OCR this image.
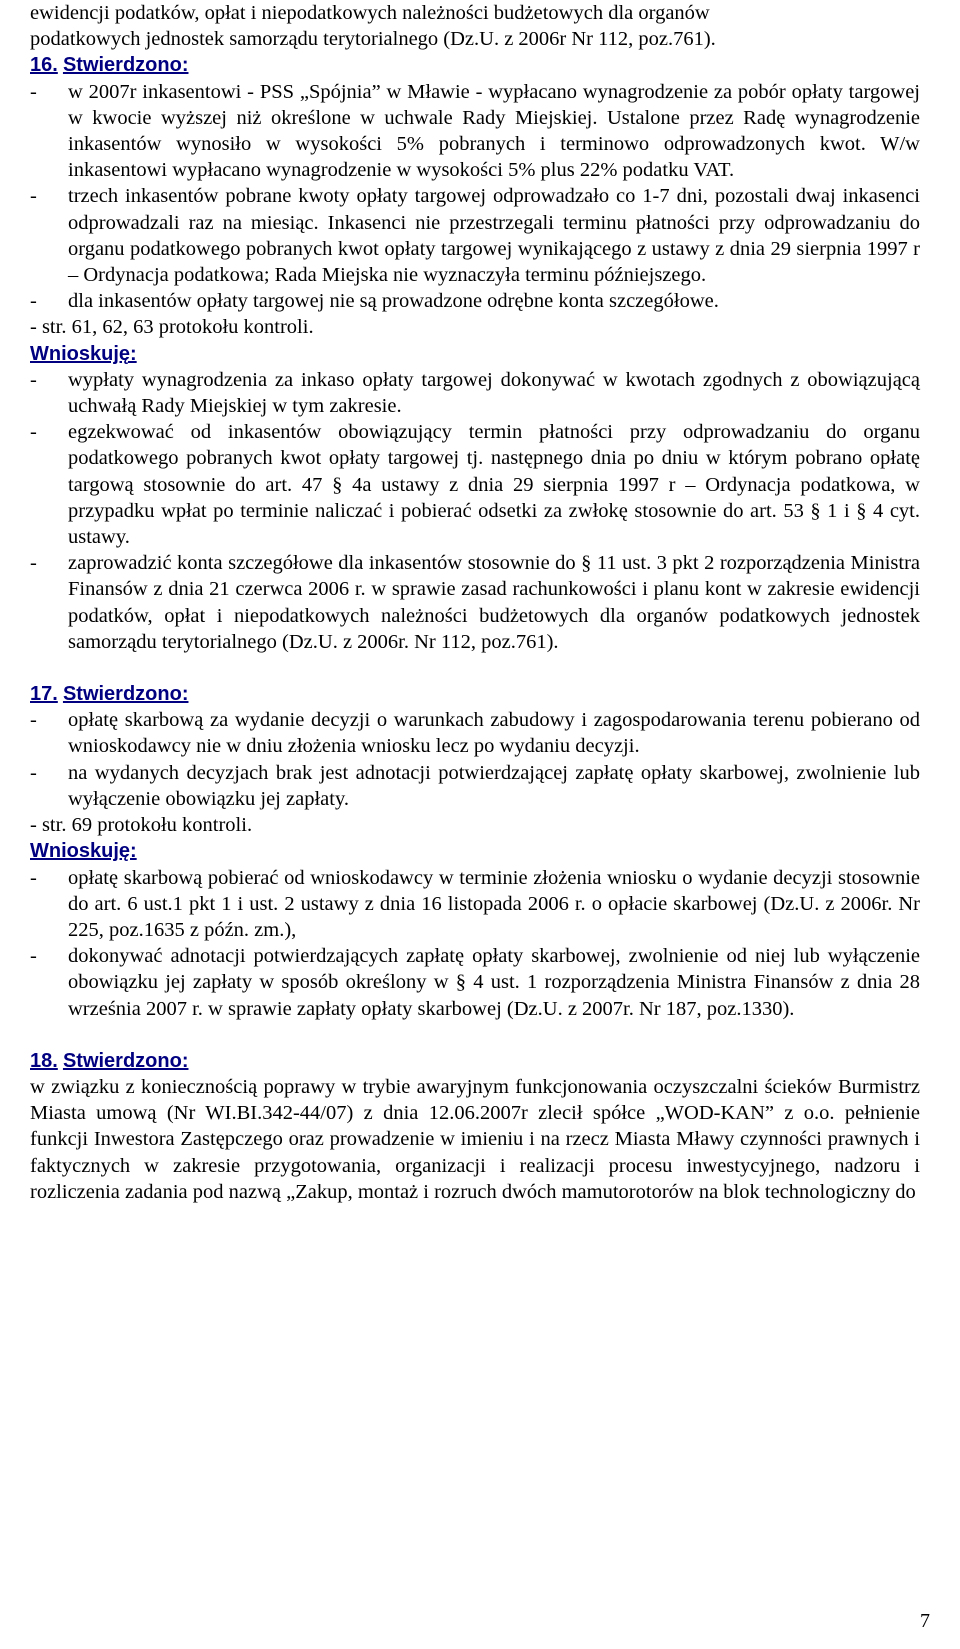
ewidencji podatków, opłat i niepodatkowych należności budżetowych dla organów

podatkowych jednostek samorządu terytorialnego (Dz.U. z 2006r Nr 112, poz.761).

16. Stwierdzono:

-	w 2007r inkasentowi - PSS „Spójnia” w Mławie - wypłacano wynagrodzenie za pobór opłaty targowej w kwocie wyższej niż określone w uchwale Rady Miejskiej. Ustalone przez Radę wynagrodzenie inkasentów wynosiło w wysokości 5% pobranych i terminowo odprowadzonych kwot. W/w inkasentowi wypłacano wynagrodzenie w wysokości 5% plus 22% podatku VAT.
-	trzech inkasentów pobrane kwoty opłaty targowej odprowadzało co 1-7 dni, pozostali dwaj inkasenci odprowadzali raz na miesiąc. Inkasenci nie przestrzegali terminu płatności przy odprowadzaniu do organu podatkowego pobranych kwot opłaty targowej wynikającego z ustawy z dnia 29 sierpnia 1997 r – Ordynacja podatkowa; Rada Miejska nie wyznaczyła terminu późniejszego.
-	dla inkasentów opłaty targowej nie są prowadzone odrębne konta szczegółowe.

- str. 61, 62, 63 protokołu kontroli.

Wnioskuję:

-	wypłaty wynagrodzenia za inkaso opłaty targowej dokonywać w kwotach zgodnych z obowiązującą uchwałą Rady Miejskiej w tym zakresie.
-	egzekwować od inkasentów obowiązujący termin płatności przy odprowadzaniu do organu podatkowego pobranych kwot opłaty targowej tj. następnego dnia po dniu w którym pobrano opłatę targową stosownie do art. 47 § 4a ustawy z dnia 29 sierpnia 1997 r – Ordynacja podatkowa, w przypadku wpłat po terminie naliczać i pobierać odsetki za zwłokę stosownie do art. 53 § 1 i § 4 cyt. ustawy.
-	zaprowadzić konta szczegółowe dla inkasentów stosownie do § 11 ust. 3 pkt 2 rozporządzenia Ministra Finansów z dnia 21 czerwca 2006 r. w sprawie zasad rachunkowości i planu kont w zakresie ewidencji podatków, opłat i niepodatkowych należności budżetowych dla organów podatkowych jednostek samorządu terytorialnego (Dz.U. z 2006r. Nr 112, poz.761).

17. Stwierdzono:

-	opłatę skarbową za wydanie decyzji o warunkach zabudowy i zagospodarowania terenu pobierano od wnioskodawcy nie w dniu złożenia wniosku lecz po wydaniu decyzji.
-	na wydanych decyzjach brak jest adnotacji potwierdzającej zapłatę opłaty skarbowej, zwolnienie lub wyłączenie obowiązku jej zapłaty.

- str. 69 protokołu kontroli.

Wnioskuję:

-	opłatę skarbową pobierać od wnioskodawcy w terminie złożenia wniosku o wydanie decyzji stosownie do art. 6 ust.1 pkt 1 i ust. 2 ustawy z dnia 16 listopada 2006 r. o opłacie skarbowej (Dz.U. z 2006r. Nr 225, poz.1635 z późn. zm.),
-	dokonywać adnotacji potwierdzających zapłatę opłaty skarbowej, zwolnienie od niej lub wyłączenie obowiązku jej zapłaty w sposób określony w § 4 ust. 1 rozporządzenia Ministra Finansów z dnia 28 września 2007 r. w sprawie zapłaty opłaty skarbowej (Dz.U. z 2007r. Nr 187, poz.1330).

18. Stwierdzono:

w związku z koniecznością poprawy w trybie awaryjnym funkcjonowania oczyszczalni ścieków Burmistrz Miasta umową (Nr WI.BI.342-44/07) z dnia 12.06.2007r zlecił spółce „WOD-KAN” z o.o. pełnienie funkcji Inwestora Zastępczego oraz prowadzenie w imieniu i na rzecz Miasta Mławy czynności prawnych i faktycznych w zakresie przygotowania, organizacji i realizacji procesu inwestycyjnego, nadzoru i rozliczenia zadania pod nazwą „Zakup, montaż i rozruch dwóch mamutorotorów na blok technologiczny do

7
